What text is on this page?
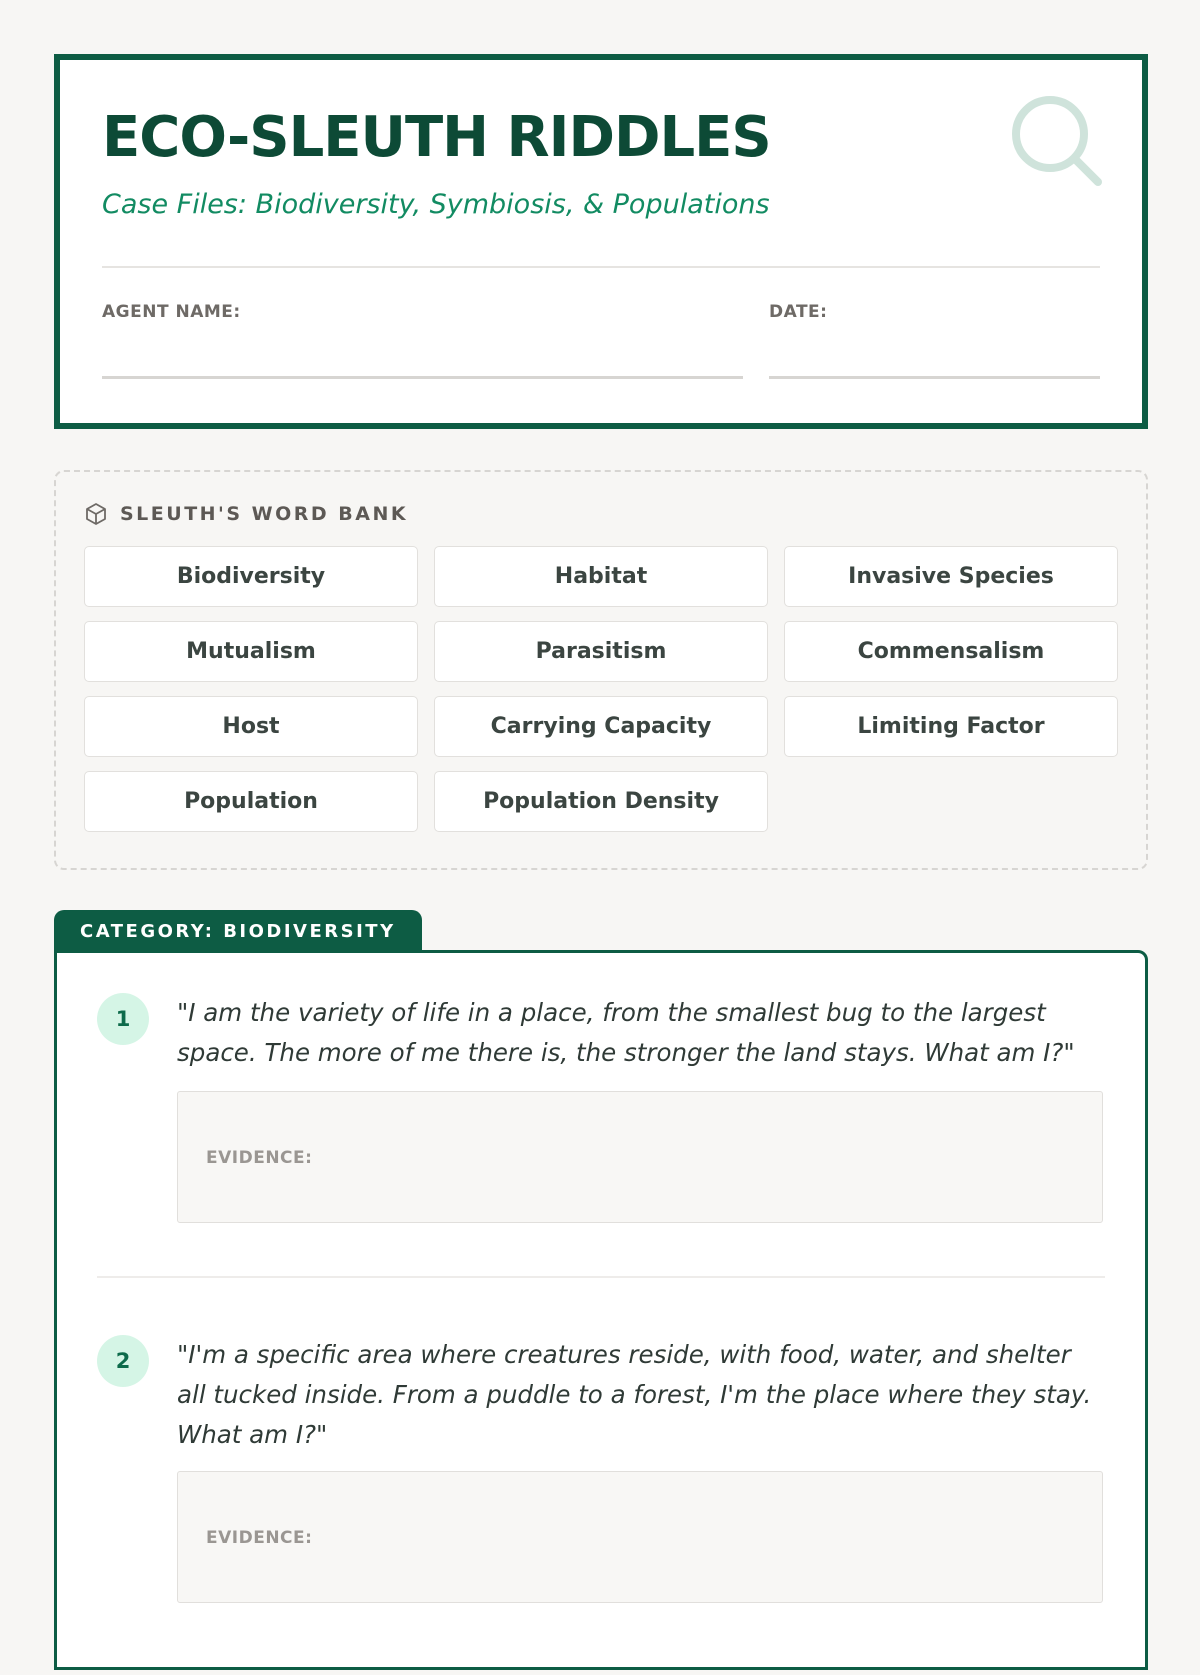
ECO-SLEUTH RIDDLES
Case Files: Biodiversity, Symbiosis, & Populations
AGENT NAME:	DATE:
SLEUTH'S WORD BANK
Biodiversity	Habitat	Invasive Species
Mutualism	Parasitism	Commensalism
Host	Carrying Capacity	Limiting Factor
Population	Population Density
CATEGORY: BIODIVERSITY
1	"I am the variety of life in a place, from the smallest bug to the largest space. The more of me there is, the stronger the land stays. What am I?"

EVIDENCE:
2	"I'm a specific area where creatures reside, with food, water, and shelter all tucked inside. From a puddle to a forest, I'm the place where they stay. What am I?"

EVIDENCE:
